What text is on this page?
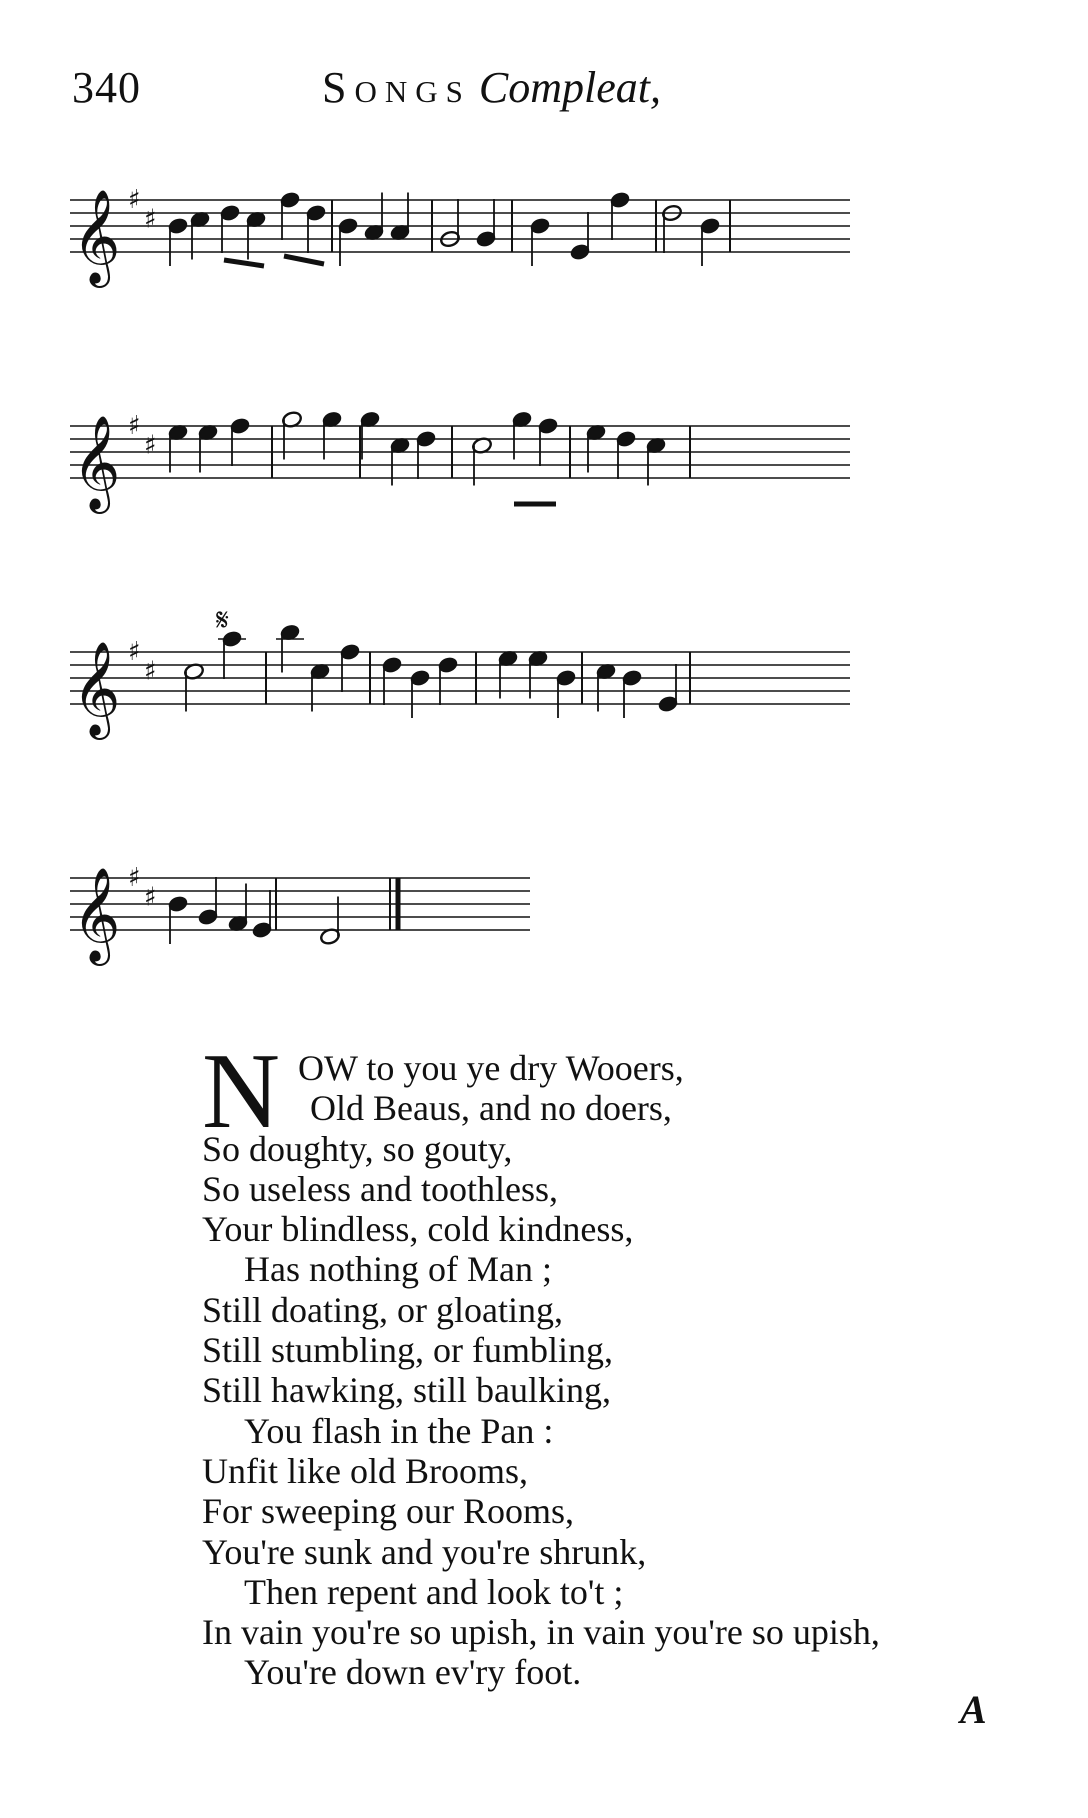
340	Songs Compleat,
𝄞 ♯
♯
𝄞 ♯
♯
𝄞 ♯
♯
𝄋
𝄞 ♯
♯
N OW to you ye dry Wooers,
Old Beaus, and no doers,
So doughty, so gouty,
So useless and toothless,
Your blindless, cold kindness,
Has nothing of Man ;
Still doating, or gloating,
Still stumbling, or fumbling,
Still hawking, still baulking,
You flash in the Pan :
Unfit like old Brooms,
For sweeping our Rooms,
You're sunk and you're shrunk,
Then repent and look to't ;
In vain you're so upish, in vain you're so upish,
You're down ev'ry foot.
A
